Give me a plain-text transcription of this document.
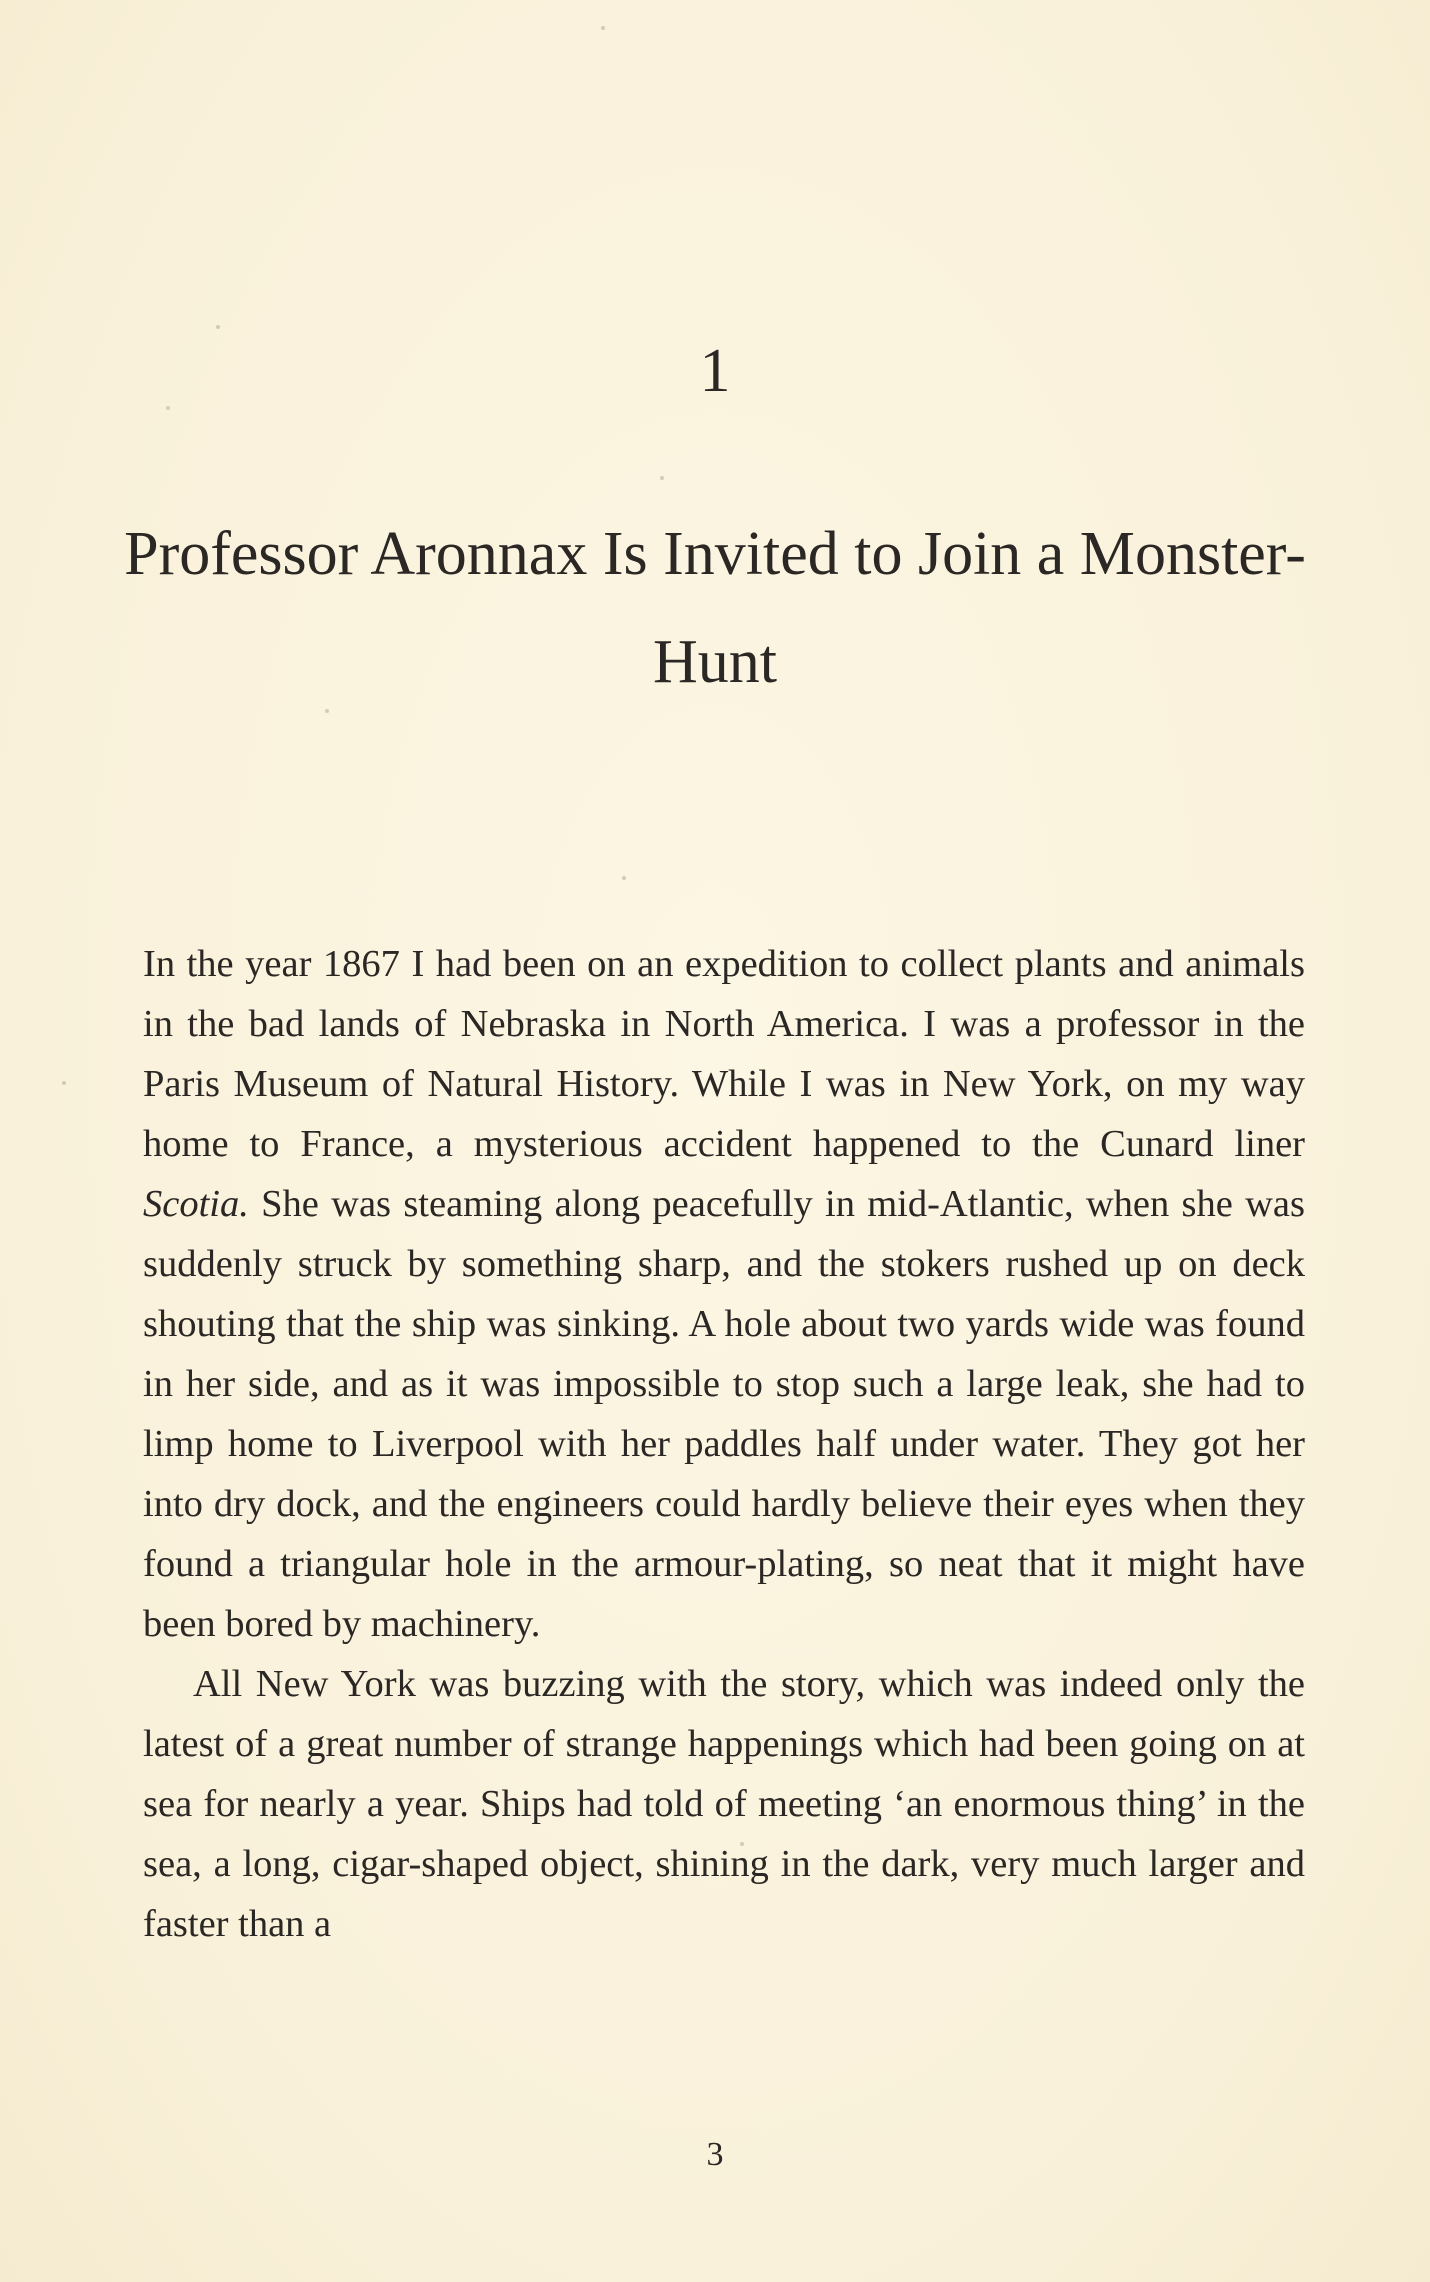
1
Professor Aronnax Is Invited to Join a Monster-Hunt

In the year 1867 I had been on an expedition to collect plants and animals in the bad lands of Nebraska in North America. I was a professor in the Paris Museum of Natural History. While I was in New York, on my way home to France, a mysterious accident happened to the Cunard liner Scotia. She was steaming along peacefully in mid-Atlantic, when she was suddenly struck by something sharp, and the stokers rushed up on deck shouting that the ship was sinking. A hole about two yards wide was found in her side, and as it was impossible to stop such a large leak, she had to limp home to Liverpool with her paddles half under water. They got her into dry dock, and the engineers could hardly believe their eyes when they found a triangular hole in the armour-plating, so neat that it might have been bored by machinery.

All New York was buzzing with the story, which was indeed only the latest of a great number of strange happenings which had been going on at sea for nearly a year. Ships had told of meeting ‘an enormous thing’ in the sea, a long, cigar-shaped object, shining in the dark, very much larger and faster than a

3
